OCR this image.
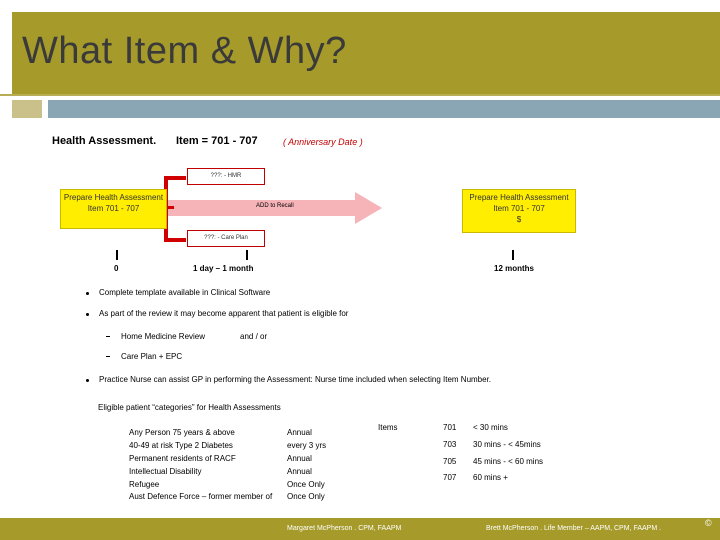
What Item & Why?
Health Assessment. Item = 701 - 707	( Anniversary Date )
ADD to Recall
???: - HMR
???: - Care Plan
Prepare Health Assessment
Item 701 - 707
Prepare Health Assessment
Item 701 - 707
$
0	1 day – 1 month	12 months
Complete template available in Clinical Software
As part of the review it may become apparent that patient is eligible for
Home Medicine Review	and / or
Care Plan + EPC
Practice Nurse can assist GP in performing the Assessment: Nurse time included when selecting Item Number.
Eligible patient “categories” for Health Assessments
Items
Any Person 75 years & above	Annual
40-49 at risk Type 2 Diabetes	every 3 yrs
Permanent residents of RACF	Annual
Intellectual Disability	Annual
Refugee	Once Only
Aust Defence Force – former member of Once Only
701 < 30 mins
703 30 mins - < 45mins
705 45 mins - < 60 mins
707 60 mins +
Margaret McPherson . CPM, FAAPM	Brett McPherson . Life Member – AAPM, CPM, FAAPM .
©
